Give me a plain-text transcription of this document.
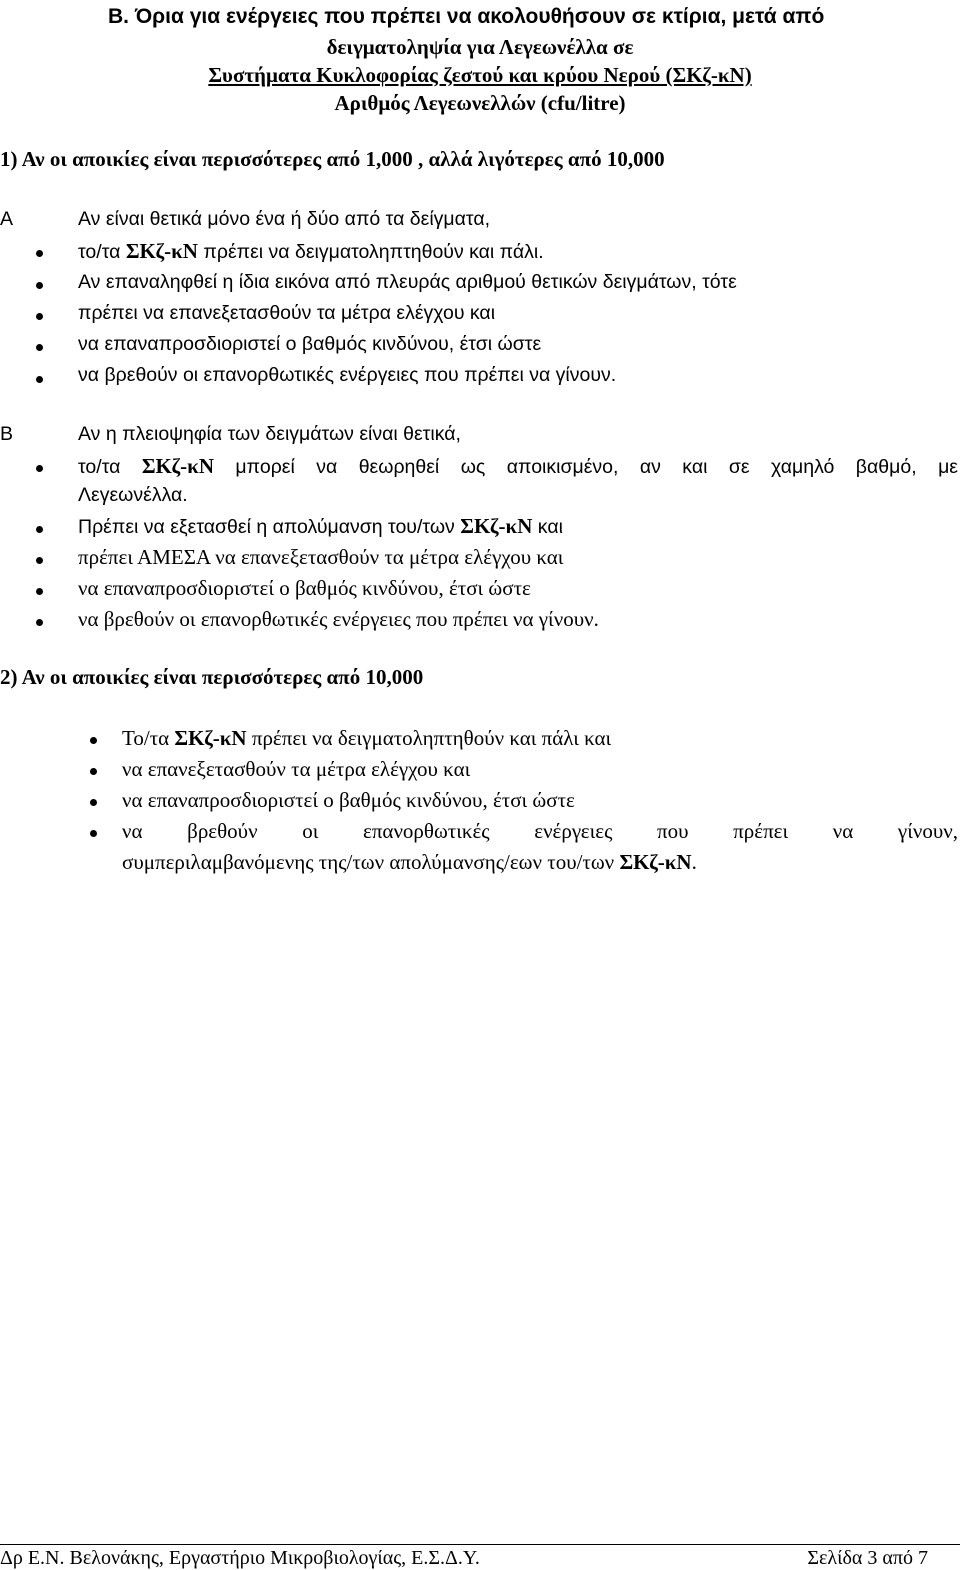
B. Όρια για ενέργειες που πρέπει να ακολουθήσουν σε κτίρια, μετά από
δειγματοληψία για Λεγεωνέλλα σε
Συστήματα Κυκλοφορίας ζεστού και κρύου Νερού (ΣΚζ-κΝ)
Αριθμός Λεγεωνελλών (cfu/litre)
1) Αν οι αποικίες είναι περισσότερες από 1,000 , αλλά λιγότερες από 10,000
A	Αν είναι θετικά μόνο ένα ή δύο από τα δείγματα,
το/τα ΣΚζ-κΝ πρέπει να δειγματοληπτηθούν και πάλι.
Αν επαναληφθεί η ίδια εικόνα από πλευράς αριθμού θετικών δειγμάτων, τότε
πρέπει να επανεξετασθούν τα μέτρα ελέγχου και
να επαναπροσδιοριστεί ο βαθμός κινδύνου, έτσι ώστε
να βρεθούν οι επανορθωτικές ενέργειες που πρέπει να γίνουν.
B	Αν η πλειοψηφία των δειγμάτων είναι θετικά,
το/τα ΣΚζ-κΝ μπορεί να θεωρηθεί ως αποικισμένο, αν και σε χαμηλό βαθμό, με
Λεγεωνέλλα.
Πρέπει να εξετασθεί η απολύμανση του/των ΣΚζ-κΝ και
πρέπει ΑΜΕΣΑ να επανεξετασθούν τα μέτρα ελέγχου και
να επαναπροσδιοριστεί ο βαθμός κινδύνου, έτσι ώστε
να βρεθούν οι επανορθωτικές ενέργειες που πρέπει να γίνουν.
2) Αν οι αποικίες είναι περισσότερες από 10,000
Το/τα ΣΚζ-κΝ πρέπει να δειγματοληπτηθούν και πάλι και
να επανεξετασθούν τα μέτρα ελέγχου και
να επαναπροσδιοριστεί ο βαθμός κινδύνου, έτσι ώστε
να βρεθούν οι επανορθωτικές ενέργειες που πρέπει να γίνουν,
συμπεριλαμβανόμενης της/των απολύμανσης/εων του/των ΣΚζ-κΝ.
Δρ Ε.Ν. Βελονάκης, Εργαστήριο Μικροβιολογίας, Ε.Σ.Δ.Υ.	Σελίδα 3 από 7
